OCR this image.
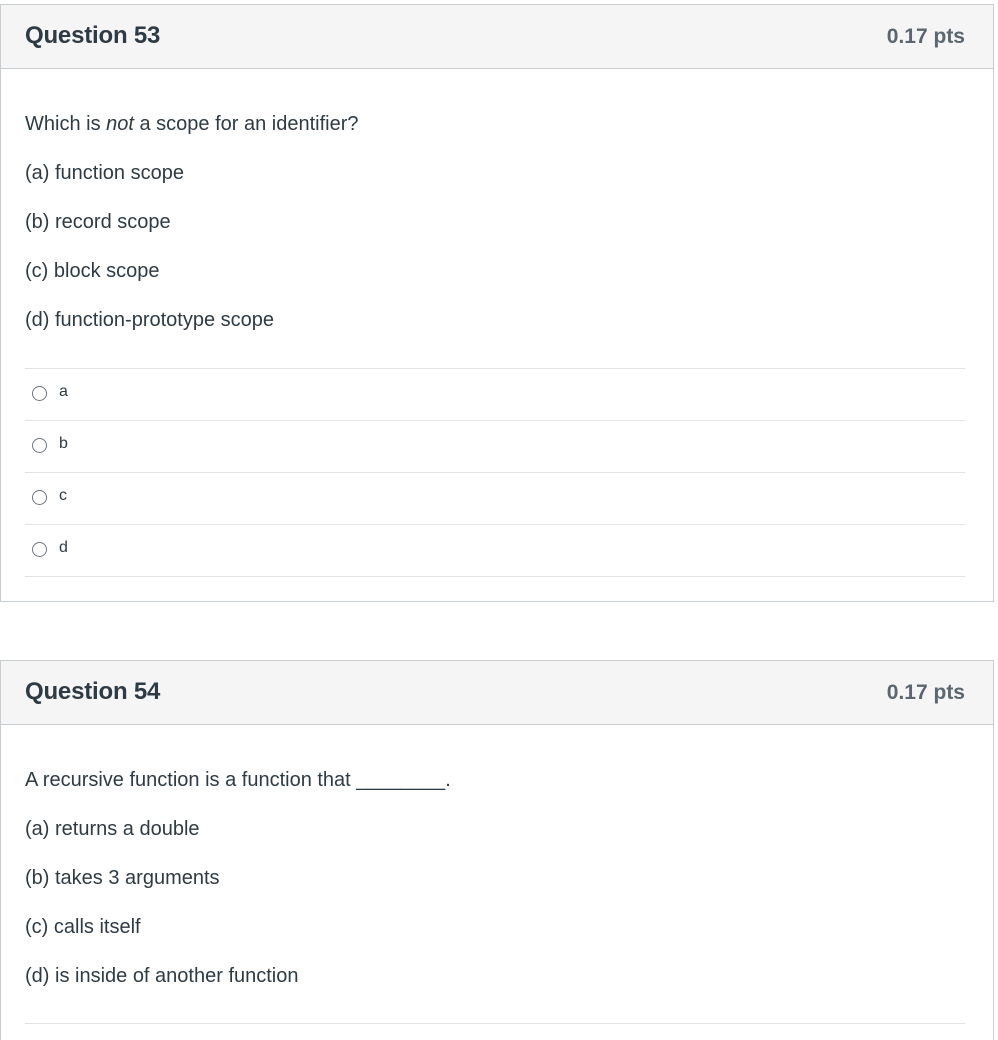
Question 53	0.17 pts
Which is not a scope for an identifier?
(a) function scope
(b) record scope
(c) block scope
(d) function-prototype scope
a
b
c
d
Question 54	0.17 pts
A recursive function is a function that ________.
(a) returns a double
(b) takes 3 arguments
(c) calls itself
(d) is inside of another function
